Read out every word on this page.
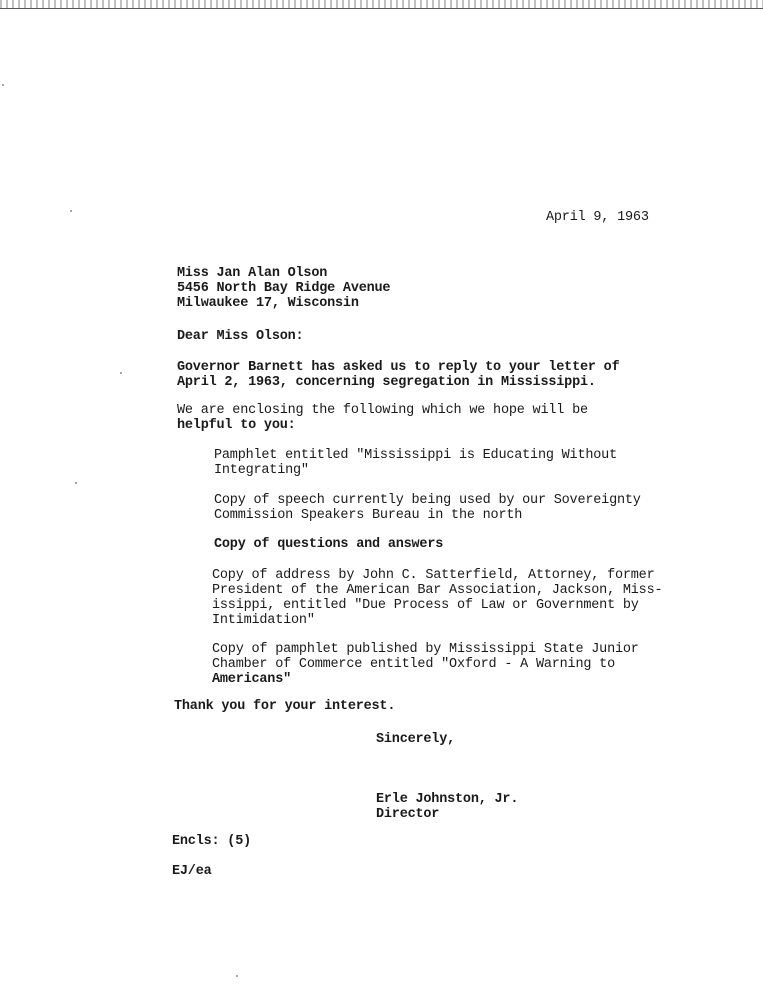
April 9, 1963
Miss Jan Alan Olson
5456 North Bay Ridge Avenue
Milwaukee 17, Wisconsin
Dear Miss Olson:
Governor Barnett has asked us to reply to your letter of
April 2, 1963, concerning segregation in Mississippi.
We are enclosing the following which we hope will be
helpful to you:
Pamphlet entitled "Mississippi is Educating Without
Integrating"
Copy of speech currently being used by our Sovereignty
Commission Speakers Bureau in the north
Copy of questions and answers
Copy of address by John C. Satterfield, Attorney, former
President of the American Bar Association, Jackson, Miss-
issippi, entitled "Due Process of Law or Government by
Intimidation"
Copy of pamphlet published by Mississippi State Junior
Chamber of Commerce entitled "Oxford - A Warning to
Americans"
Thank you for your interest.
Sincerely,
Erle Johnston, Jr.
Director
Encls: (5)
EJ/ea
